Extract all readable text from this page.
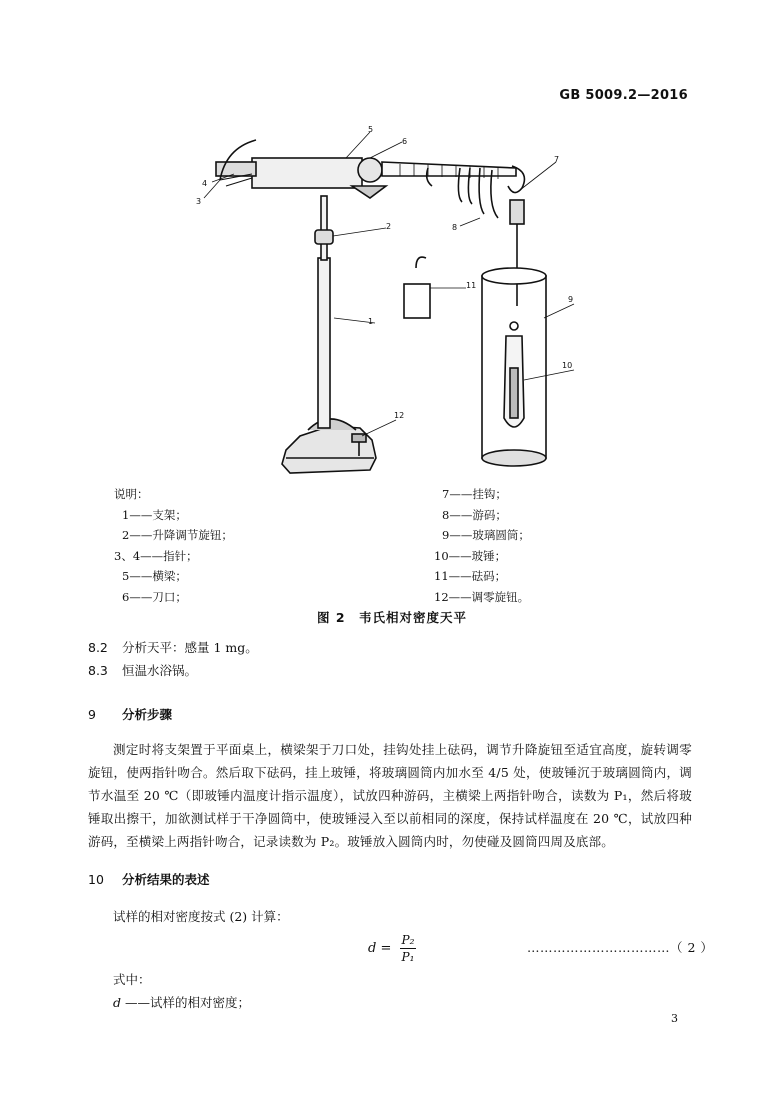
GB 5009.2—2016
1
2
3
4
5
6
7
8
9
10
11
12
说明：
1——支架；
2——升降调节旋钮；
3、4——指针；
5——横梁；
6——刀口；
7——挂钩；
8——游码；
9——玻璃圆筒；
10——玻锤；
11——砝码；
12——调零旋钮。
图 2　韦氏相对密度天平
8.2 分析天平：感量 1 mg。
8.3 恒温水浴锅。
9 分析步骤
测定时将支架置于平面桌上，横梁架于刀口处，挂钩处挂上砝码，调节升降旋钮至适宜高度，旋转调零旋钮，使两指针吻合。然后取下砝码，挂上玻锤，将玻璃圆筒内加水至 4/5 处，使玻锤沉于玻璃圆筒内，调节水温至 20 ℃（即玻锤内温度计指示温度），试放四种游码，主横梁上两指针吻合，读数为 P₁，然后将玻锤取出擦干，加欲测试样于干净圆筒中，使玻锤浸入至以前相同的深度，保持试样温度在 20 ℃，试放四种游码，至横梁上两指针吻合，记录读数为 P₂。玻锤放入圆筒内时，勿使碰及圆筒四周及底部。
10 分析结果的表述
试样的相对密度按式 (2) 计算：
$d = \frac{\text{P₂}}{\text{P₁}}$	……………………………（ 2 ）
式中：
d ——试样的相对密度；
3
